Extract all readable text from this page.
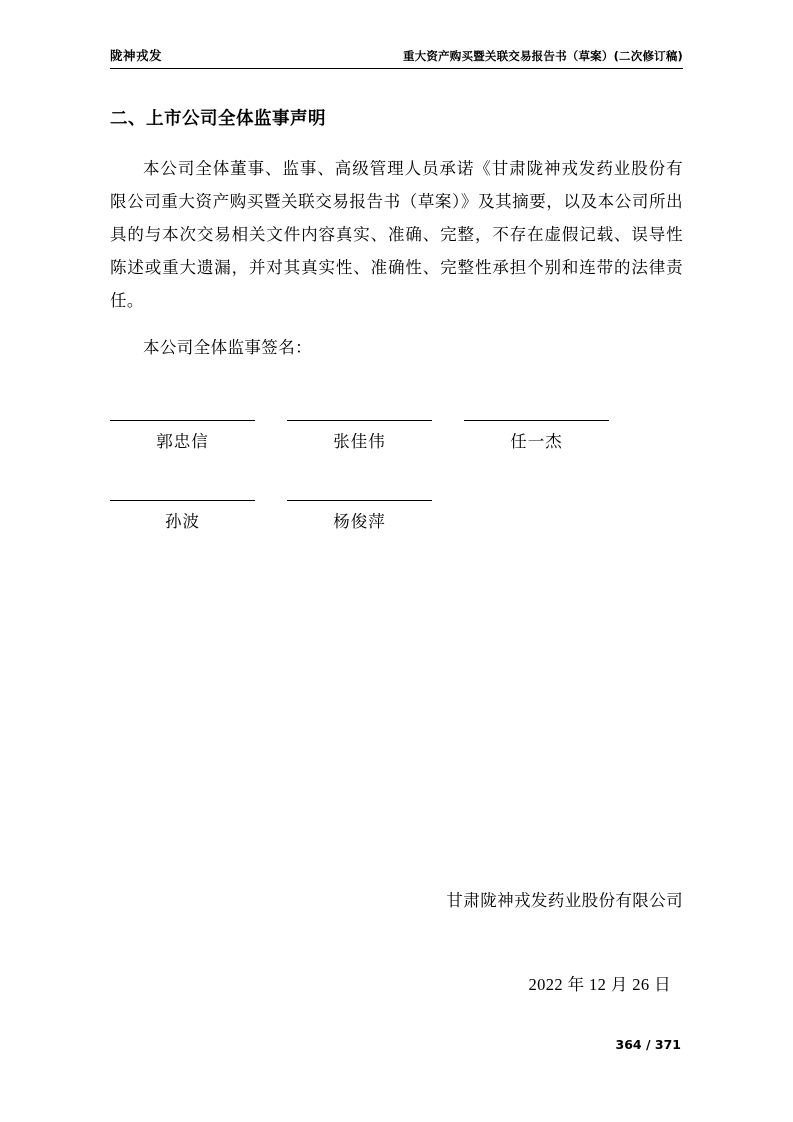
陇神戎发	重大资产购买暨关联交易报告书（草案）(二次修订稿)
二、上市公司全体监事声明
本公司全体董事、监事、高级管理人员承诺《甘肃陇神戎发药业股份有限公司重大资产购买暨关联交易报告书（草案）》及其摘要，以及本公司所出具的与本次交易相关文件内容真实、准确、完整，不存在虚假记载、误导性陈述或重大遗漏，并对其真实性、准确性、完整性承担个别和连带的法律责任。
本公司全体监事签名：
郭忠信	张佳伟	任一杰
孙波	杨俊萍
甘肃陇神戎发药业股份有限公司
2022 年 12 月 26 日
364 / 371
